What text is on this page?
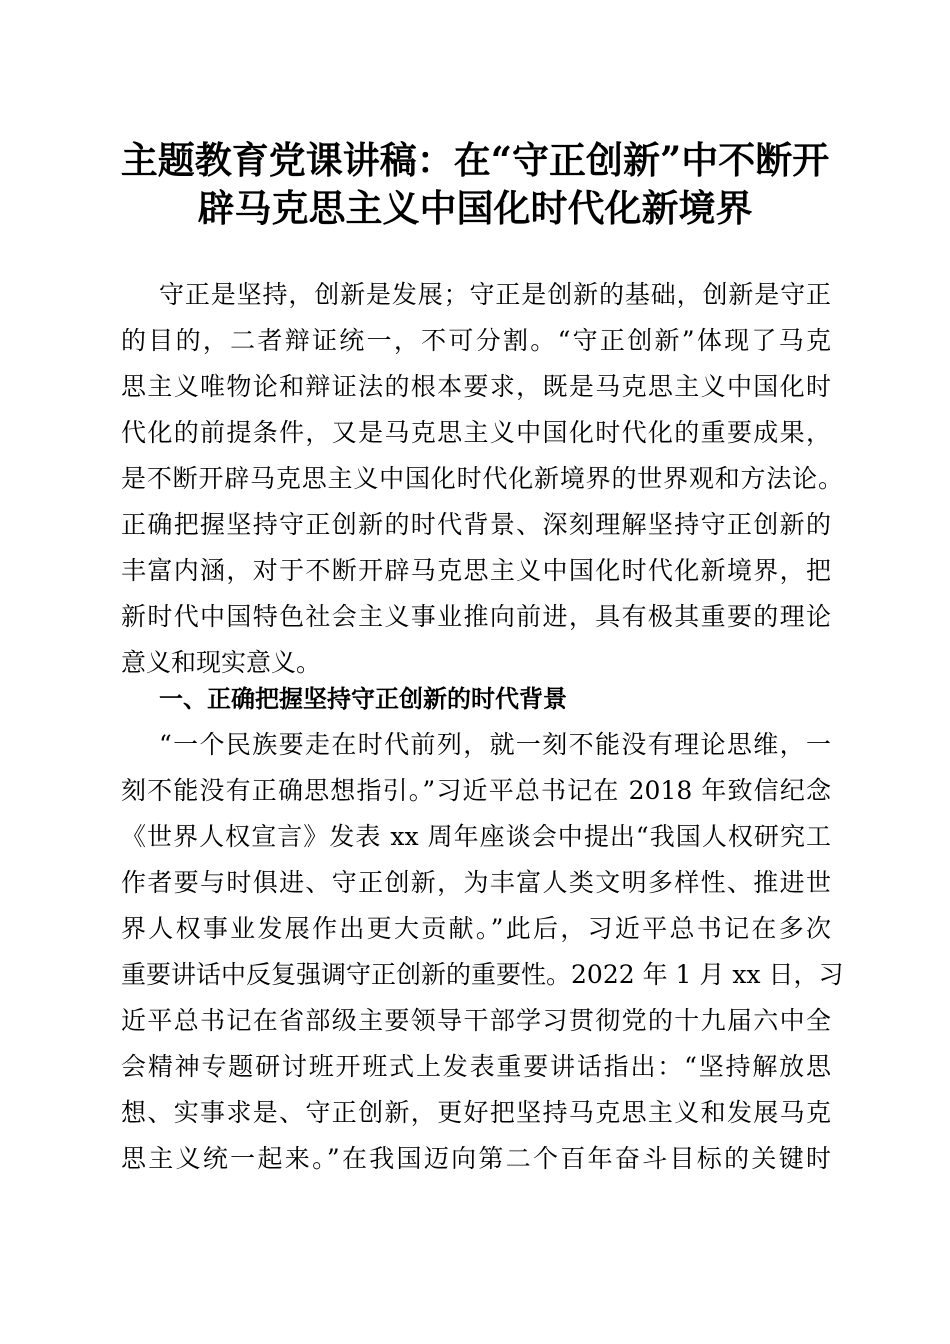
主题教育党课讲稿：在“守正创新”中不断开
辟马克思主义中国化时代化新境界
守正是坚持，创新是发展；守正是创新的基础，创新是守正
的目的，二者辩证统一，不可分割。“守正创新”体现了马克
思主义唯物论和辩证法的根本要求，既是马克思主义中国化时
代化的前提条件，又是马克思主义中国化时代化的重要成果，
是不断开辟马克思主义中国化时代化新境界的世界观和方法论。
正确把握坚持守正创新的时代背景、深刻理解坚持守正创新的
丰富内涵，对于不断开辟马克思主义中国化时代化新境界，把
新时代中国特色社会主义事业推向前进，具有极其重要的理论
意义和现实意义。
一、正确把握坚持守正创新的时代背景
“一个民族要走在时代前列，就一刻不能没有理论思维，一
刻不能没有正确思想指引。”习近平总书记在 2018 年致信纪念
《世界人权宣言》发表 xx 周年座谈会中提出“我国人权研究工
作者要与时俱进、守正创新，为丰富人类文明多样性、推进世
界人权事业发展作出更大贡献。”此后，习近平总书记在多次
重要讲话中反复强调守正创新的重要性。2022 年 1 月 xx 日，习
近平总书记在省部级主要领导干部学习贯彻党的十九届六中全
会精神专题研讨班开班式上发表重要讲话指出：“坚持解放思
想、实事求是、守正创新，更好把坚持马克思主义和发展马克
思主义统一起来。”在我国迈向第二个百年奋斗目标的关键时
